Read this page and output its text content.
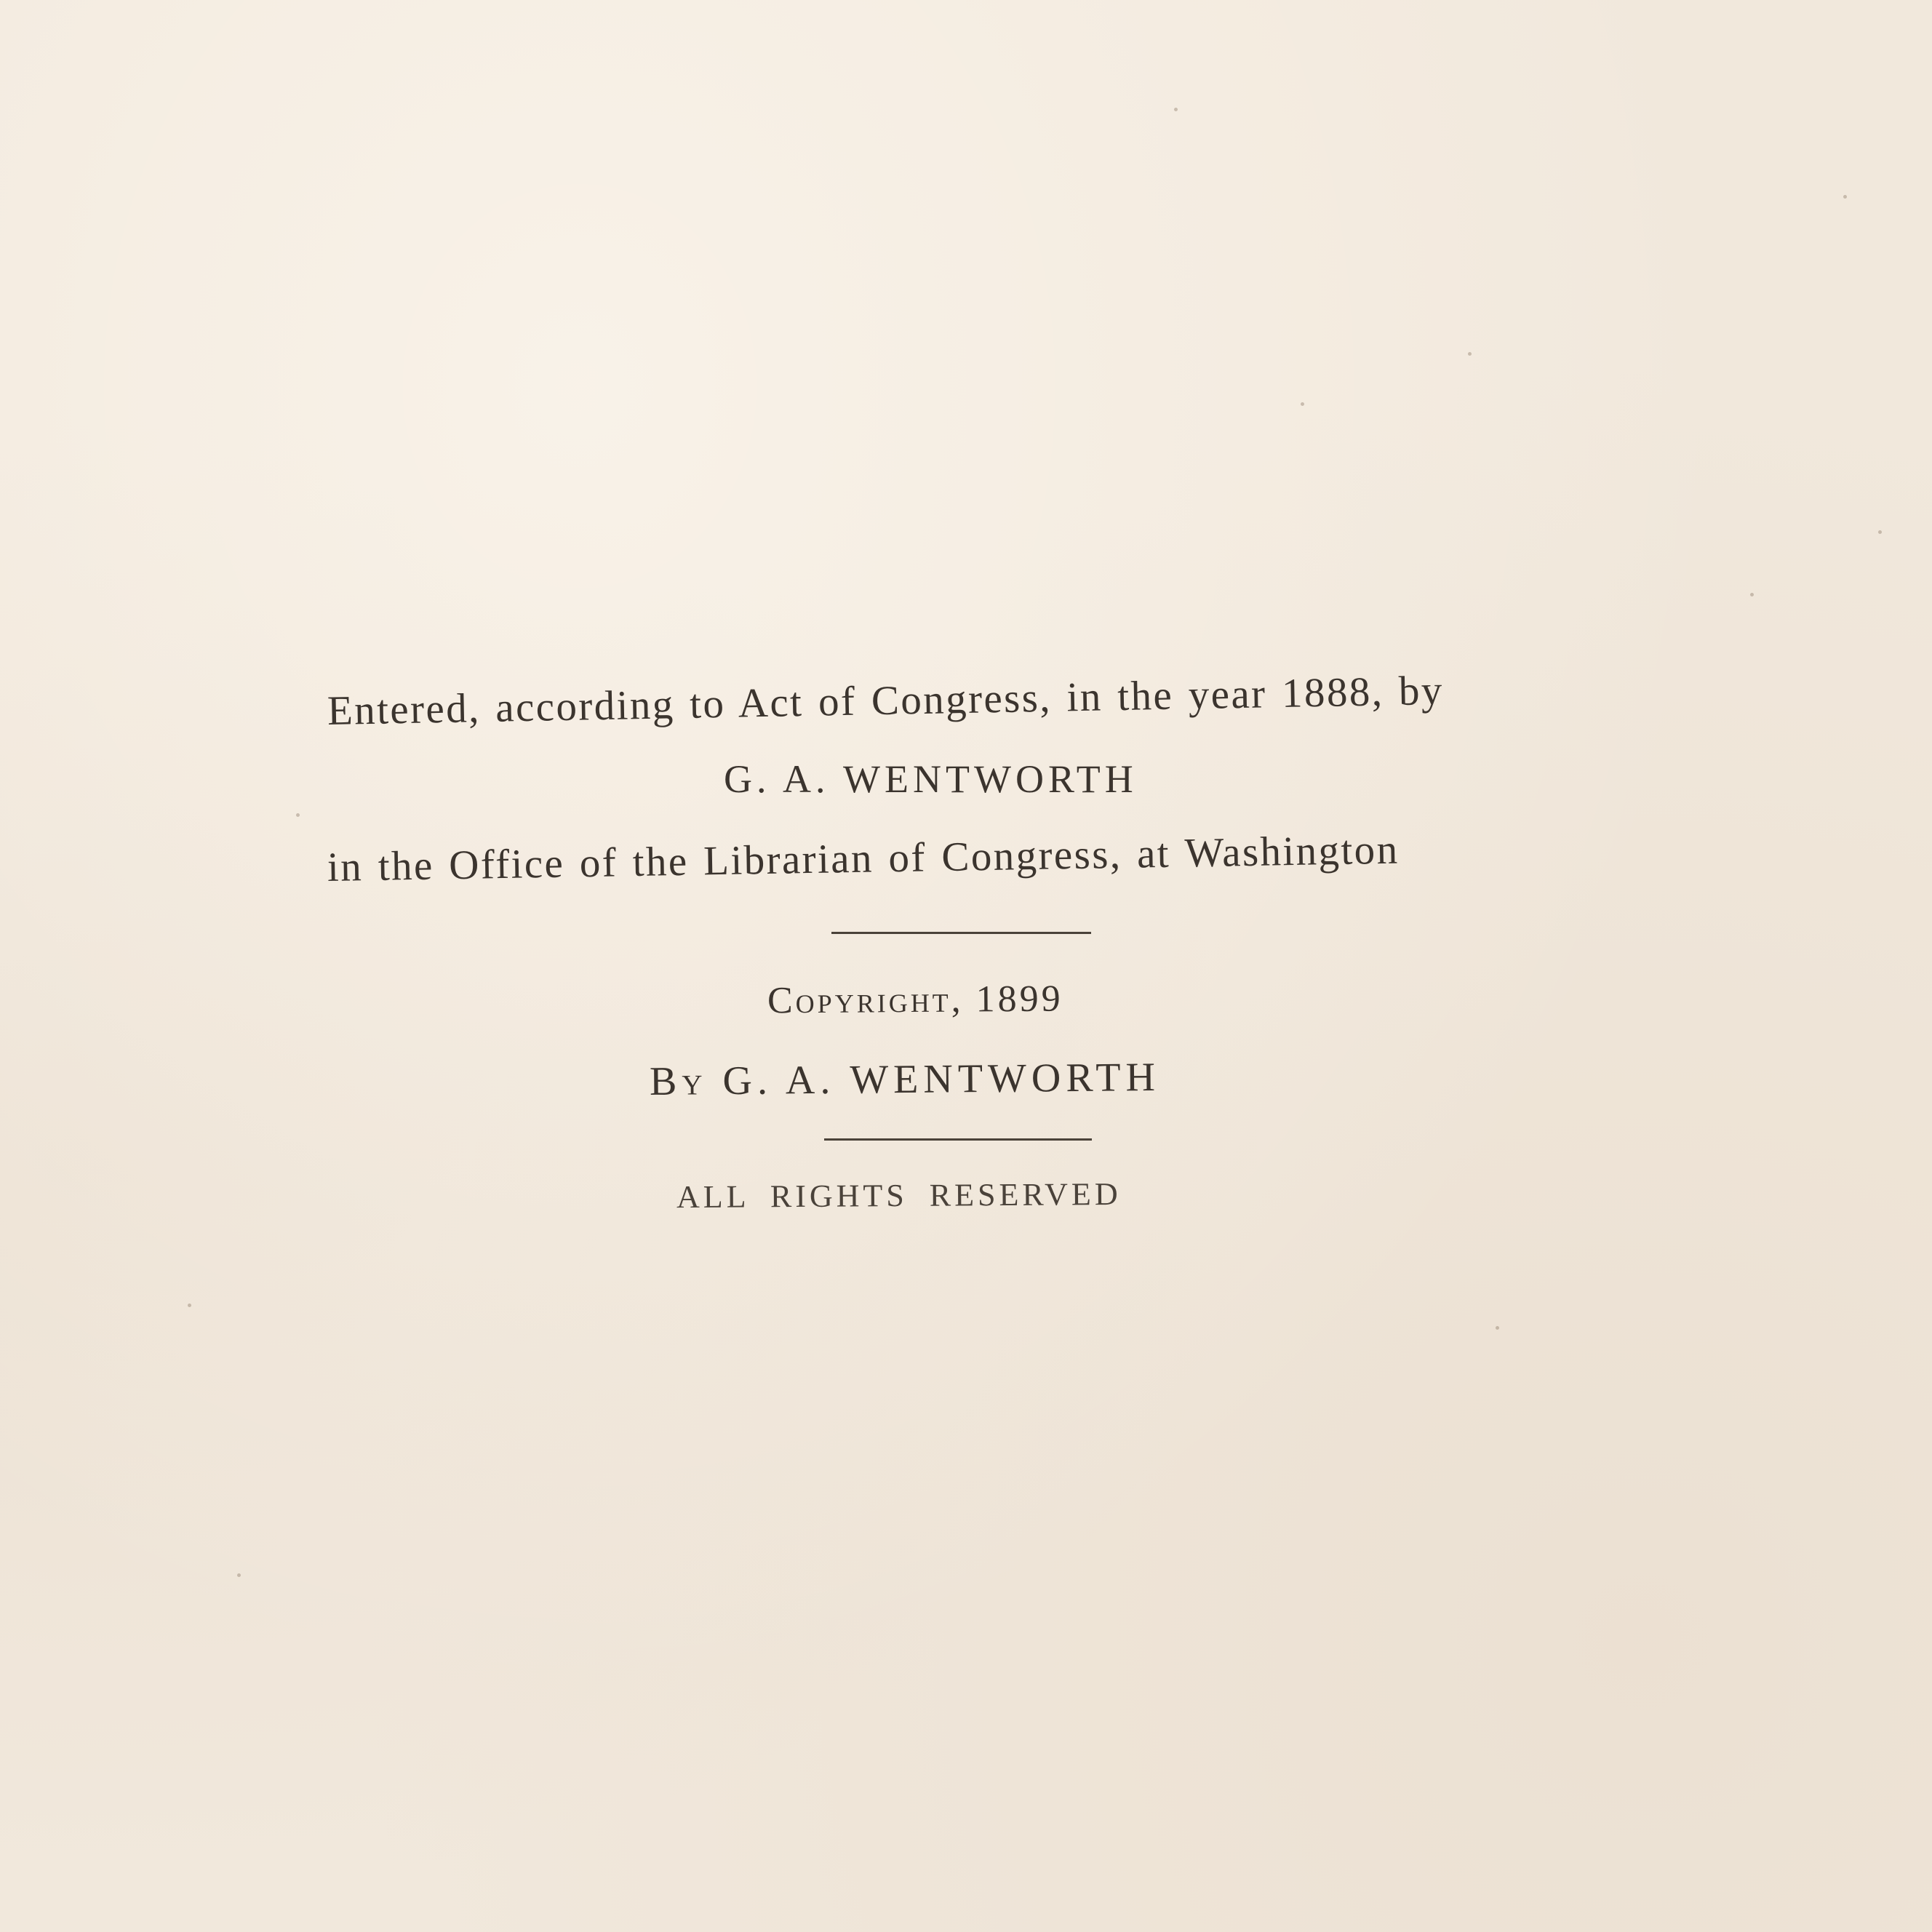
Entered, according to Act of Congress, in the year 1888, by
G. A. WENTWORTH
in the Office of the Librarian of Congress, at Washington
Copyright, 1899
By G. A. WENTWORTH
ALL RIGHTS RESERVED
